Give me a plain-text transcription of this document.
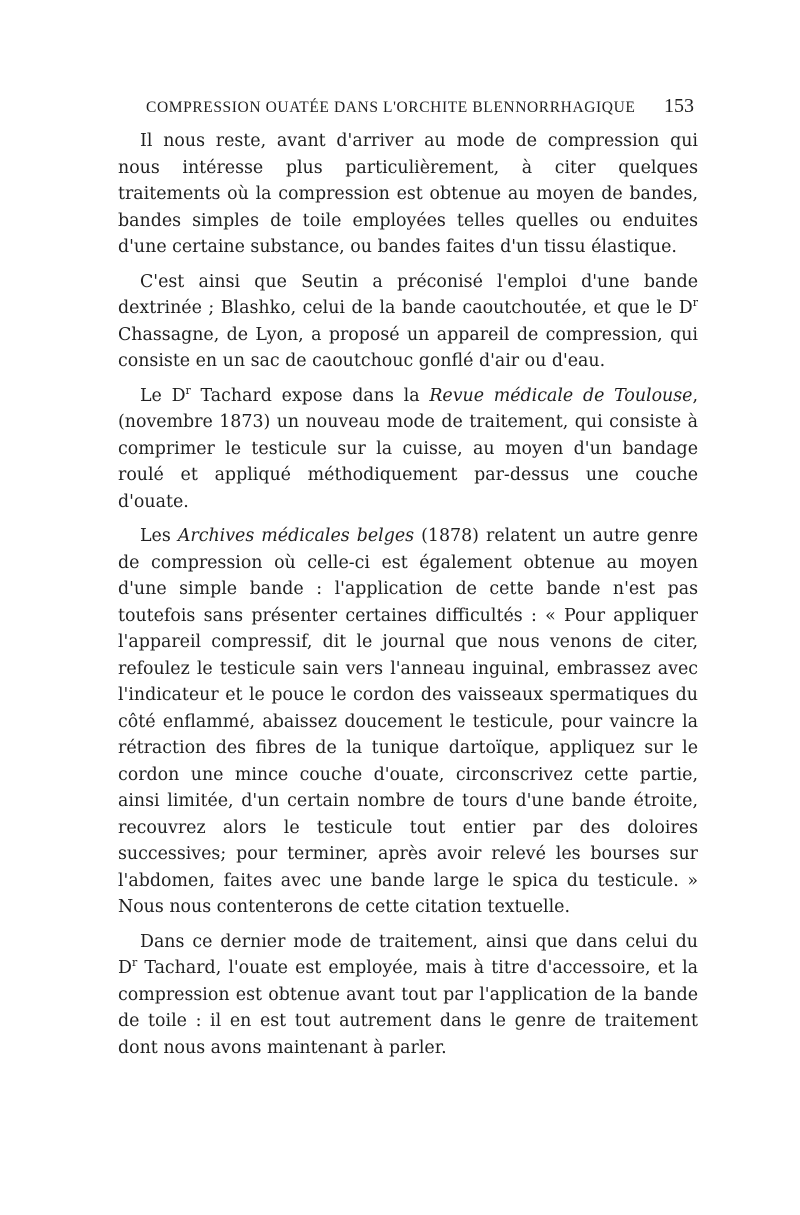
COMPRESSION OUATÉE DANS L'ORCHITE BLENNORRHAGIQUE 153

Il nous reste, avant d'arriver au mode de compression qui nous intéresse plus particulièrement, à citer quelques traitements où la compression est obtenue au moyen de bandes, bandes simples de toile employées telles quelles ou enduites d'une certaine substance, ou bandes faites d'un tissu élastique.

C'est ainsi que Seutin a préconisé l'emploi d'une bande dextrinée ; Blashko, celui de la bande caoutchoutée, et que le $D^r$ Chassagne, de Lyon, a proposé un appareil de compression, qui consiste en un sac de caoutchouc gonflé d'air ou d'eau.

Le $D^r$ Tachard expose dans la Revue médicale de Toulouse, (novembre 1873) un nouveau mode de traitement, qui consiste à comprimer le testicule sur la cuisse, au moyen d'un bandage roulé et appliqué méthodiquement par-dessus une couche d'ouate.

Les Archives médicales belges (1878) relatent un autre genre de compression où celle-ci est également obtenue au moyen d'une simple bande : l'application de cette bande n'est pas toutefois sans présenter certaines difficultés : « Pour appliquer l'appareil compressif, dit le journal que nous venons de citer, refoulez le testicule sain vers l'anneau inguinal, embrassez avec l'indicateur et le pouce le cordon des vaisseaux spermatiques du côté enflammé, abaissez doucement le testicule, pour vaincre la rétraction des fibres de la tunique dartoïque, appliquez sur le cordon une mince couche d'ouate, circonscrivez cette partie, ainsi limitée, d'un certain nombre de tours d'une bande étroite, recouvrez alors le testicule tout entier par des doloires successives; pour terminer, après avoir relevé les bourses sur l'abdomen, faites avec une bande large le spica du testicule. » Nous nous contenterons de cette citation textuelle.

Dans ce dernier mode de traitement, ainsi que dans celui du $D^r$ Tachard, l'ouate est employée, mais à titre d'accessoire, et la compression est obtenue avant tout par l'application de la bande de toile : il en est tout autrement dans le genre de traitement dont nous avons maintenant à parler.
